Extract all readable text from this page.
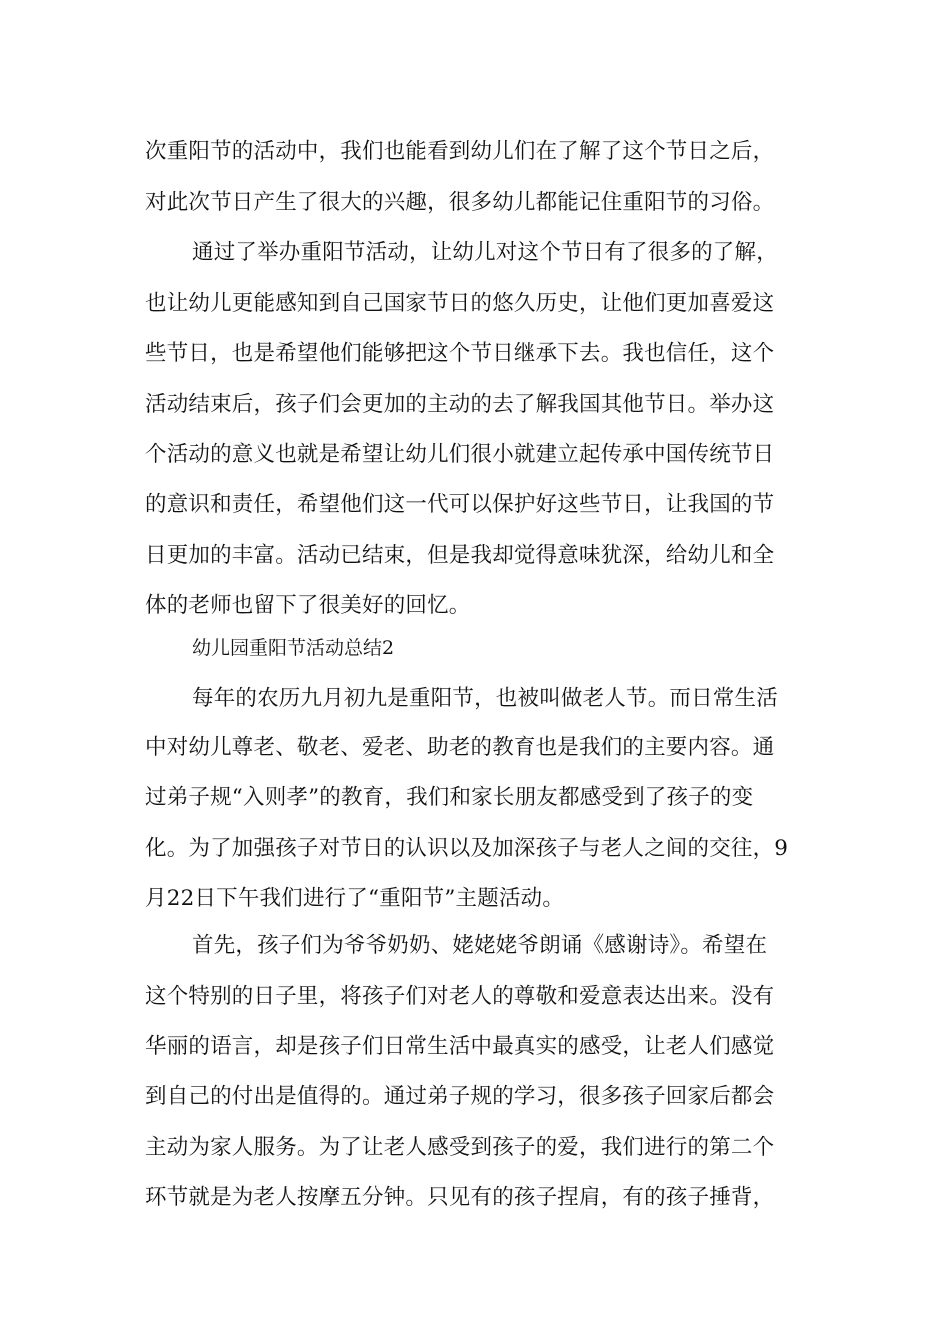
次重阳节的活动中，我们也能看到幼儿们在了解了这个节日之后，
对此次节日产生了很大的兴趣，很多幼儿都能记住重阳节的习俗。
通过了举办重阳节活动，让幼儿对这个节日有了很多的了解，
也让幼儿更能感知到自己国家节日的悠久历史，让他们更加喜爱这
些节日，也是希望他们能够把这个节日继承下去。我也信任，这个
活动结束后，孩子们会更加的主动的去了解我国其他节日。举办这
个活动的意义也就是希望让幼儿们很小就建立起传承中国传统节日
的意识和责任，希望他们这一代可以保护好这些节日，让我国的节
日更加的丰富。活动已结束，但是我却觉得意味犹深，给幼儿和全
体的老师也留下了很美好的回忆。
幼儿园重阳节活动总结2
每年的农历九月初九是重阳节，也被叫做老人节。而日常生活
中对幼儿尊老、敬老、爱老、助老的教育也是我们的主要内容。通
过弟子规“入则孝”的教育，我们和家长朋友都感受到了孩子的变
化。为了加强孩子对节日的认识以及加深孩子与老人之间的交往，9
月22日下午我们进行了“重阳节”主题活动。
首先，孩子们为爷爷奶奶、姥姥姥爷朗诵《感谢诗》。希望在
这个特别的日子里，将孩子们对老人的尊敬和爱意表达出来。没有
华丽的语言，却是孩子们日常生活中最真实的感受，让老人们感觉
到自己的付出是值得的。通过弟子规的学习，很多孩子回家后都会
主动为家人服务。为了让老人感受到孩子的爱，我们进行的第二个
环节就是为老人按摩五分钟。只见有的孩子捏肩，有的孩子捶背，
